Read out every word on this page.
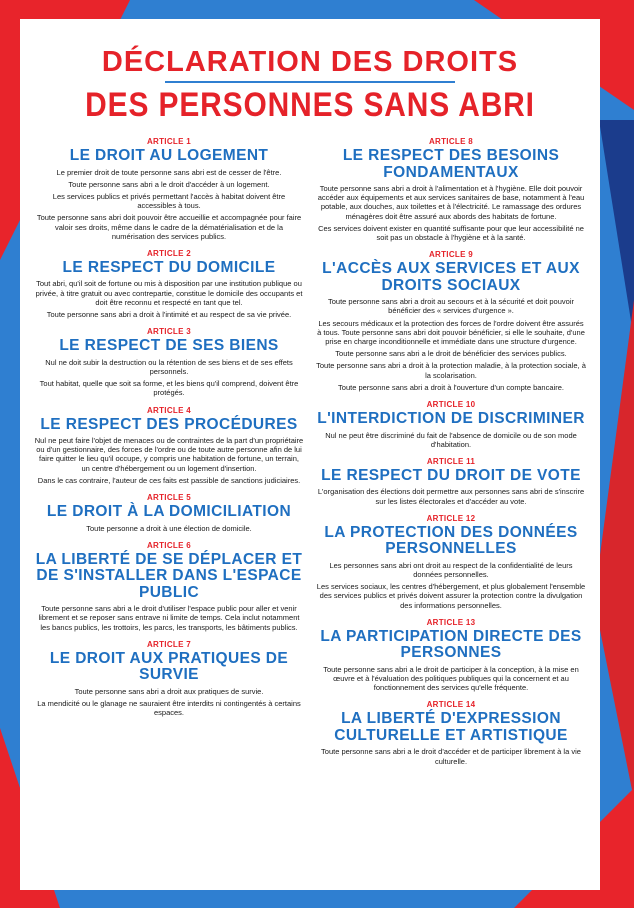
DÉCLARATION DES DROITS
DES PERSONNES SANS ABRI
ARTICLE 1
LE DROIT AU LOGEMENT

Le premier droit de toute personne sans abri est de cesser de l'être.

Toute personne sans abri a le droit d'accéder à un logement.

Les services publics et privés permettant l'accès à habitat doivent être accessibles à tous.

Toute personne sans abri doit pouvoir être accueillie et accompagnée pour faire valoir ses droits, même dans le cadre de la dématérialisation et de la numérisation des services publics.

ARTICLE 2
LE RESPECT DU DOMICILE

Tout abri, qu'il soit de fortune ou mis à disposition par une institution publique ou privée, à titre gratuit ou avec contrepartie, constitue le domicile des occupants et doit être reconnu et respecté en tant que tel.

Toute personne sans abri a droit à l'intimité et au respect de sa vie privée.

ARTICLE 3
LE RESPECT DE SES BIENS

Nul ne doit subir la destruction ou la rétention de ses biens et de ses effets personnels.

Tout habitat, quelle que soit sa forme, et les biens qu'il comprend, doivent être protégés.

ARTICLE 4
LE RESPECT DES PROCÉDURES

Nul ne peut faire l'objet de menaces ou de contraintes de la part d'un propriétaire ou d'un gestionnaire, des forces de l'ordre ou de toute autre personne afin de lui faire quitter le lieu qu'il occupe, y compris une habitation de fortune, un terrain, un centre d'hébergement ou un logement d'insertion.

Dans le cas contraire, l'auteur de ces faits est passible de sanctions judiciaires.

ARTICLE 5
LE DROIT À LA DOMICILIATION

Toute personne a droit à une élection de domicile.

ARTICLE 6
LA LIBERTÉ DE SE DÉPLACER ET DE S'INSTALLER DANS L'ESPACE PUBLIC

Toute personne sans abri a le droit d'utiliser l'espace public pour aller et venir librement et se reposer sans entrave ni limite de temps. Cela inclut notamment les bancs publics, les trottoirs, les parcs, les transports, les bâtiments publics.

ARTICLE 7
LE DROIT AUX PRATIQUES DE SURVIE

Toute personne sans abri a droit aux pratiques de survie.

La mendicité ou le glanage ne sauraient être interdits ni contingentés à certains espaces.

ARTICLE 8
LE RESPECT DES BESOINS FONDAMENTAUX

Toute personne sans abri a droit à l'alimentation et à l'hygiène. Elle doit pouvoir accéder aux équipements et aux services sanitaires de base, notamment à l'eau potable, aux douches, aux toilettes et à l'électricité. Le ramassage des ordures ménagères doit être assuré aux abords des habitats de fortune.

Ces services doivent exister en quantité suffisante pour que leur accessibilité ne soit pas un obstacle à l'hygiène et à la santé.

ARTICLE 9
L'ACCÈS AUX SERVICES ET AUX DROITS SOCIAUX

Toute personne sans abri a droit au secours et à la sécurité et doit pouvoir bénéficier des « services d'urgence ».

Les secours médicaux et la protection des forces de l'ordre doivent être assurés à tous. Toute personne sans abri doit pouvoir bénéficier, si elle le souhaite, d'une prise en charge inconditionnelle et immédiate dans une structure d'urgence.

Toute personne sans abri a le droit de bénéficier des services publics.

Toute personne sans abri a droit à la protection maladie, à la protection sociale, à la scolarisation.

Toute personne sans abri a droit à l'ouverture d'un compte bancaire.

ARTICLE 10
L'INTERDICTION DE DISCRIMINER

Nul ne peut être discriminé du fait de l'absence de domicile ou de son mode d'habitation.

ARTICLE 11
LE RESPECT DU DROIT DE VOTE

L'organisation des élections doit permettre aux personnes sans abri de s'inscrire sur les listes électorales et d'accéder au vote.

ARTICLE 12
LA PROTECTION DES DONNÉES PERSONNELLES

Les personnes sans abri ont droit au respect de la confidentialité de leurs données personnelles.

Les services sociaux, les centres d'hébergement, et plus globalement l'ensemble des services publics et privés doivent assurer la protection contre la divulgation des informations personnelles.

ARTICLE 13
LA PARTICIPATION DIRECTE DES PERSONNES

Toute personne sans abri a le droit de participer à la conception, à la mise en œuvre et à l'évaluation des politiques publiques qui la concernent et au fonctionnement des services qu'elle fréquente.

ARTICLE 14
LA LIBERTÉ D'EXPRESSION CULTURELLE ET ARTISTIQUE

Toute personne sans abri a le droit d'accéder et de participer librement à la vie culturelle.
